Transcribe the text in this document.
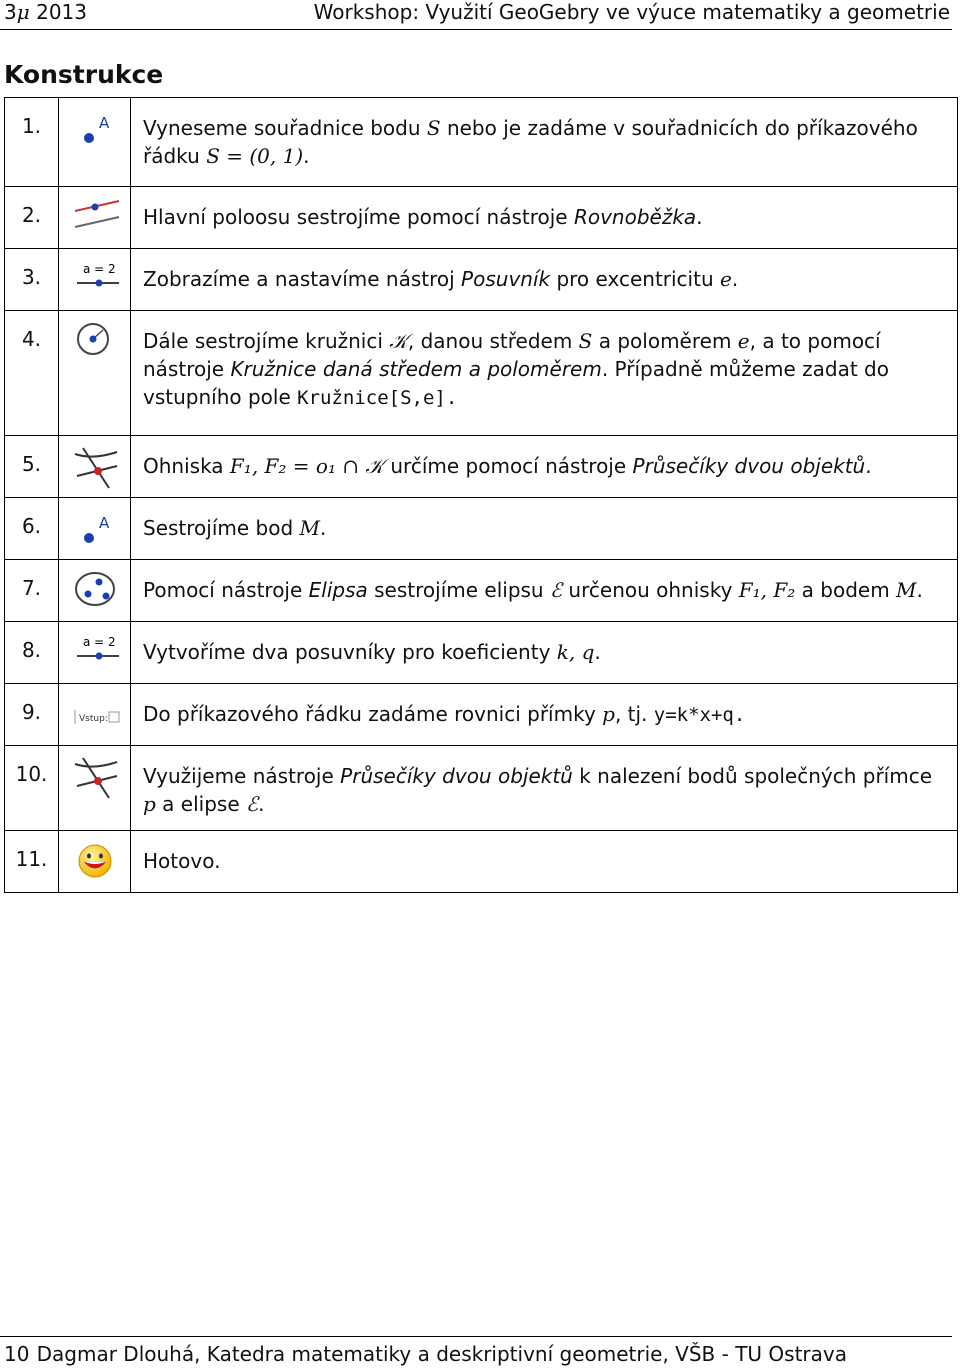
3μ 2013	Workshop: Využití GeoGebry ve výuce matematiky a geometrie
Konstrukce
1.	A	Vyneseme souřadnice bodu S nebo je zadáme v souřadnicích do příkazového řádku S = (0, 1).
2.		Hlavní poloosu sestrojíme pomocí nástroje Rovnoběžka.
3.	a = 2	Zobrazíme a nastavíme nástroj Posuvník pro excentricitu e.
4.		Dále sestrojíme kružnici 𝒦, danou středem S a poloměrem e, a to pomocí nástroje Kružnice daná středem a poloměrem. Případně můžeme zadat do vstupního pole Kružnice[S,e].
5.		Ohniska F₁, F₂ = o₁ ∩ 𝒦 určíme pomocí nástroje Průsečíky dvou objektů.
6.	A	Sestrojíme bod M.
7.		Pomocí nástroje Elipsa sestrojíme elipsu ℰ určenou ohnisky F₁, F₂ a bodem M.
8.	a = 2	Vytvoříme dva posuvníky pro koeficienty k, q.
9.	Vstup:	Do příkazového řádku zadáme rovnici přímky p, tj. y=k*x+q.
10.		Využijeme nástroje Průsečíky dvou objektů k nalezení bodů společných přímce p a elipse ℰ.
11.		Hotovo.
10 Dagmar Dlouhá, Katedra matematiky a deskriptivní geometrie, VŠB - TU Ostrava
